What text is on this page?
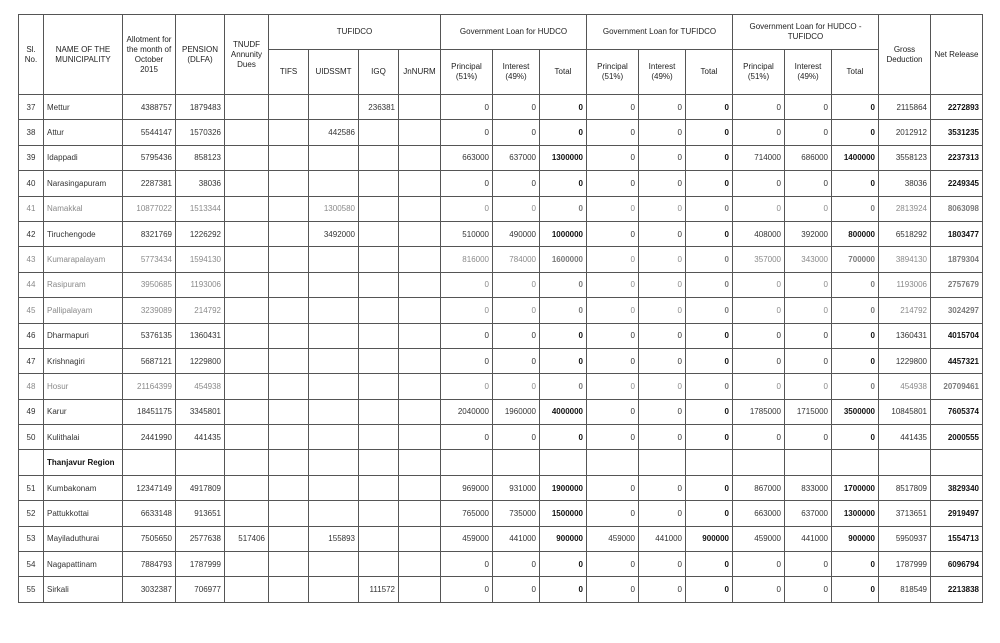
Sl. No.	NAME OF THE MUNICIPALITY	Allotment for the month of October 2015	PENSION (DLFA)	TNUDF Annunity Dues	TUFIDCO				Government Loan for HUDCO			Government Loan for TUFIDCO			Government Loan for HUDCO - TUFIDCO			Gross Deduction	Net Release
					TIFS	UIDSSMT	IGQ	JnNURM											
									Principal (51%)	Interest (49%)	Total	Principal (51%)	Interest (49%)	Total	Principal (51%)	Interest (49%)	Total		
37	Mettur	4388757	1879483				236381		0	0	0	0	0	0	0	0	0	2115864	2272893
38	Attur	5544147	1570326			442586			0	0	0	0	0	0	0	0	0	2012912	3531235
39	Idappadi	5795436	858123						663000	637000	1300000	0	0	0	714000	686000	1400000	3558123	2237313
40	Narasingapuram	2287381	38036						0	0	0	0	0	0	0	0	0	38036	2249345
41	Namakkal	10877022	1513344			1300580			0	0	0	0	0	0	0	0	0	2813924	8063098
42	Tiruchengode	8321769	1226292			3492000			510000	490000	1000000	0	0	0	408000	392000	800000	6518292	1803477
43	Kumarapalayam	5773434	1594130						816000	784000	1600000	0	0	0	357000	343000	700000	3894130	1879304
44	Rasipuram	3950685	1193006						0	0	0	0	0	0	0	0	0	1193006	2757679
45	Pallipalayam	3239089	214792						0	0	0	0	0	0	0	0	0	214792	3024297
46	Dharmapuri	5376135	1360431						0	0	0	0	0	0	0	0	0	1360431	4015704
47	Krishnagiri	5687121	1229800						0	0	0	0	0	0	0	0	0	1229800	4457321
48	Hosur	21164399	454938						0	0	0	0	0	0	0	0	0	454938	20709461
49	Karur	18451175	3345801						2040000	1960000	4000000	0	0	0	1785000	1715000	3500000	10845801	7605374
50	Kulithalai	2441990	441435						0	0	0	0	0	0	0	0	0	441435	2000555
	Thanjavur Region																		
51	Kumbakonam	12347149	4917809						969000	931000	1900000	0	0	0	867000	833000	1700000	8517809	3829340
52	Pattukkottai	6633148	913651						765000	735000	1500000	0	0	0	663000	637000	1300000	3713651	2919497
53	Mayiladuthurai	7505650	2577638	517406		155893			459000	441000	900000	459000	441000	900000	459000	441000	900000	5950937	1554713
54	Nagapattinam	7884793	1787999						0	0	0	0	0	0	0	0	0	1787999	6096794
55	Sirkali	3032387	706977				111572		0	0	0	0	0	0	0	0	0	818549	2213838
